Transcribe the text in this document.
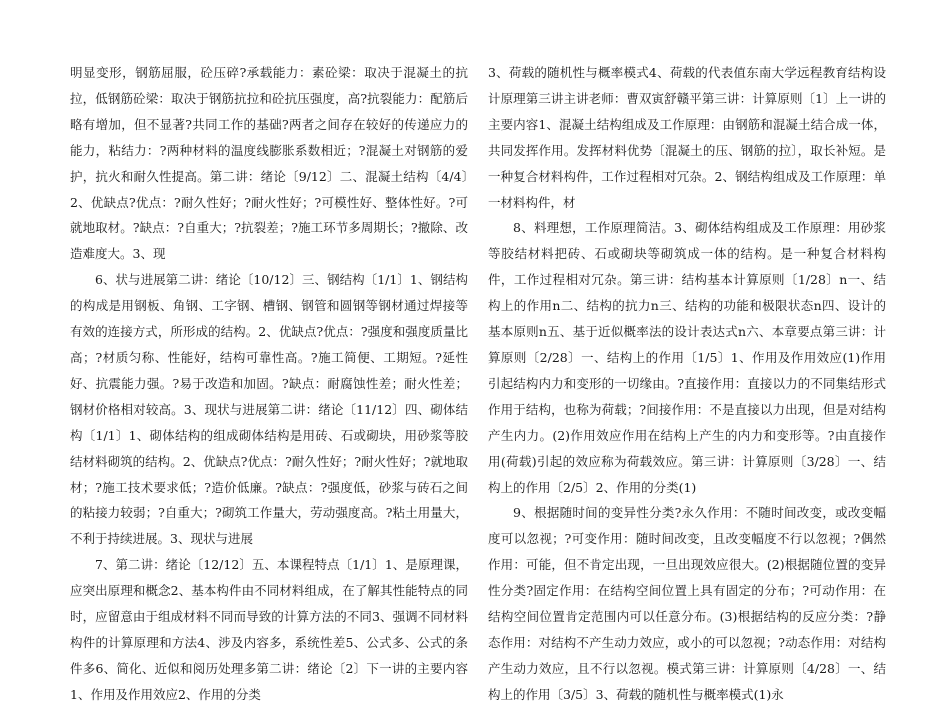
明显变形，钢筋屈服，砼压碎?承载能力：素砼梁：取决于混凝土的抗拉，低钢筋砼梁：取决于钢筋抗拉和砼抗压强度，高?抗裂能力：配筋后略有增加，但不显著?共同工作的基础?两者之间存在较好的传递应力的能力，粘结力：?两种材料的温度线膨胀系数相近；?混凝土对钢筋的爱护，抗火和耐久性提高。第二讲：绪论〔9/12〕二、混凝土结构〔4/4〕2、优缺点?优点：?耐久性好；?耐火性好；?可模性好、整体性好。?可就地取材。?缺点：?自重大；?抗裂差；?施工环节多周期长；?撤除、改造难度大。3、现

6、状与进展第二讲：绪论〔10/12〕三、钢结构〔1/1〕1、钢结构的构成是用钢板、角钢、工字钢、槽钢、钢管和圆钢等钢材通过焊接等有效的连接方式，所形成的结构。2、优缺点?优点：?强度和强度质量比高；?材质匀称、性能好，结构可靠性高。?施工简便、工期短。?延性好、抗震能力强。?易于改造和加固。?缺点：耐腐蚀性差；耐火性差；钢材价格相对较高。3、现状与进展第二讲：绪论〔11/12〕四、砌体结构〔1/1〕1、砌体结构的组成砌体结构是用砖、石或砌块，用砂浆等胶结材料砌筑的结构。2、优缺点?优点：?耐久性好；?耐火性好；?就地取材；?施工技术要求低；?造价低廉。?缺点：?强度低，砂浆与砖石之间的粘接力较弱；?自重大；?砌筑工作量大，劳动强度高。?粘土用量大，不利于持续进展。3、现状与进展

7、第二讲：绪论〔12/12〕五、本课程特点〔1/1〕1、是原理课，应突出原理和概念2、基本构件由不同材料组成，在了解其性能特点的同时，应留意由于组成材料不同而导致的计算方法的不同3、强调不同材料构件的计算原理和方法4、涉及内容多，系统性差5、公式多、公式的条件多6、简化、近似和阅历处理多第二讲：绪论〔2〕下一讲的主要内容1、作用及作用效应2、作用的分类

3、荷载的随机性与概率模式4、荷载的代表值东南大学远程教育结构设计原理第三讲主讲老师：曹双寅舒赣平第三讲：计算原则〔1〕上一讲的主要内容1、混凝土结构组成及工作原理：由钢筋和混凝土结合成一体，共同发挥作用。发挥材料优势〔混凝土的压、钢筋的拉〕，取长补短。是一种复合材料构件，工作过程相对冗杂。2、钢结构组成及工作原理：单一材料构件，材

8、料理想，工作原理简洁。3、砌体结构组成及工作原理：用砂浆等胶结材料把砖、石或砌块等砌筑成一体的结构。是一种复合材料构件，工作过程相对冗杂。第三讲：结构基本计算原则〔1/28〕n一、结构上的作用n二、结构的抗力n三、结构的功能和极限状态n四、设计的基本原则n五、基于近似概率法的设计表达式n六、本章要点第三讲：计算原则〔2/28〕一、结构上的作用〔1/5〕1、作用及作用效应(1)作用引起结构内力和变形的一切缘由。?直接作用：直接以力的不同集结形式作用于结构，也称为荷载；?间接作用：不是直接以力出现，但是对结构产生内力。(2)作用效应作用在结构上产生的内力和变形等。?由直接作用(荷载)引起的效应称为荷载效应。第三讲：计算原则〔3/28〕一、结构上的作用〔2/5〕2、作用的分类(1)

9、根据随时间的变异性分类?永久作用：不随时间改变，或改变幅度可以忽视；?可变作用：随时间改变，且改变幅度不行以忽视；?偶然作用：可能，但不肯定出现，一旦出现效应很大。(2)根据随位置的变异性分类?固定作用：在结构空间位置上具有固定的分布；?可动作用：在结构空间位置肯定范围内可以任意分布。(3)根据结构的反应分类：?静态作用：对结构不产生动力效应，或小的可以忽视；?动态作用：对结构产生动力效应，且不行以忽视。模式第三讲：计算原则〔4/28〕一、结构上的作用〔3/5〕3、荷载的随机性与概率模式(1)永
